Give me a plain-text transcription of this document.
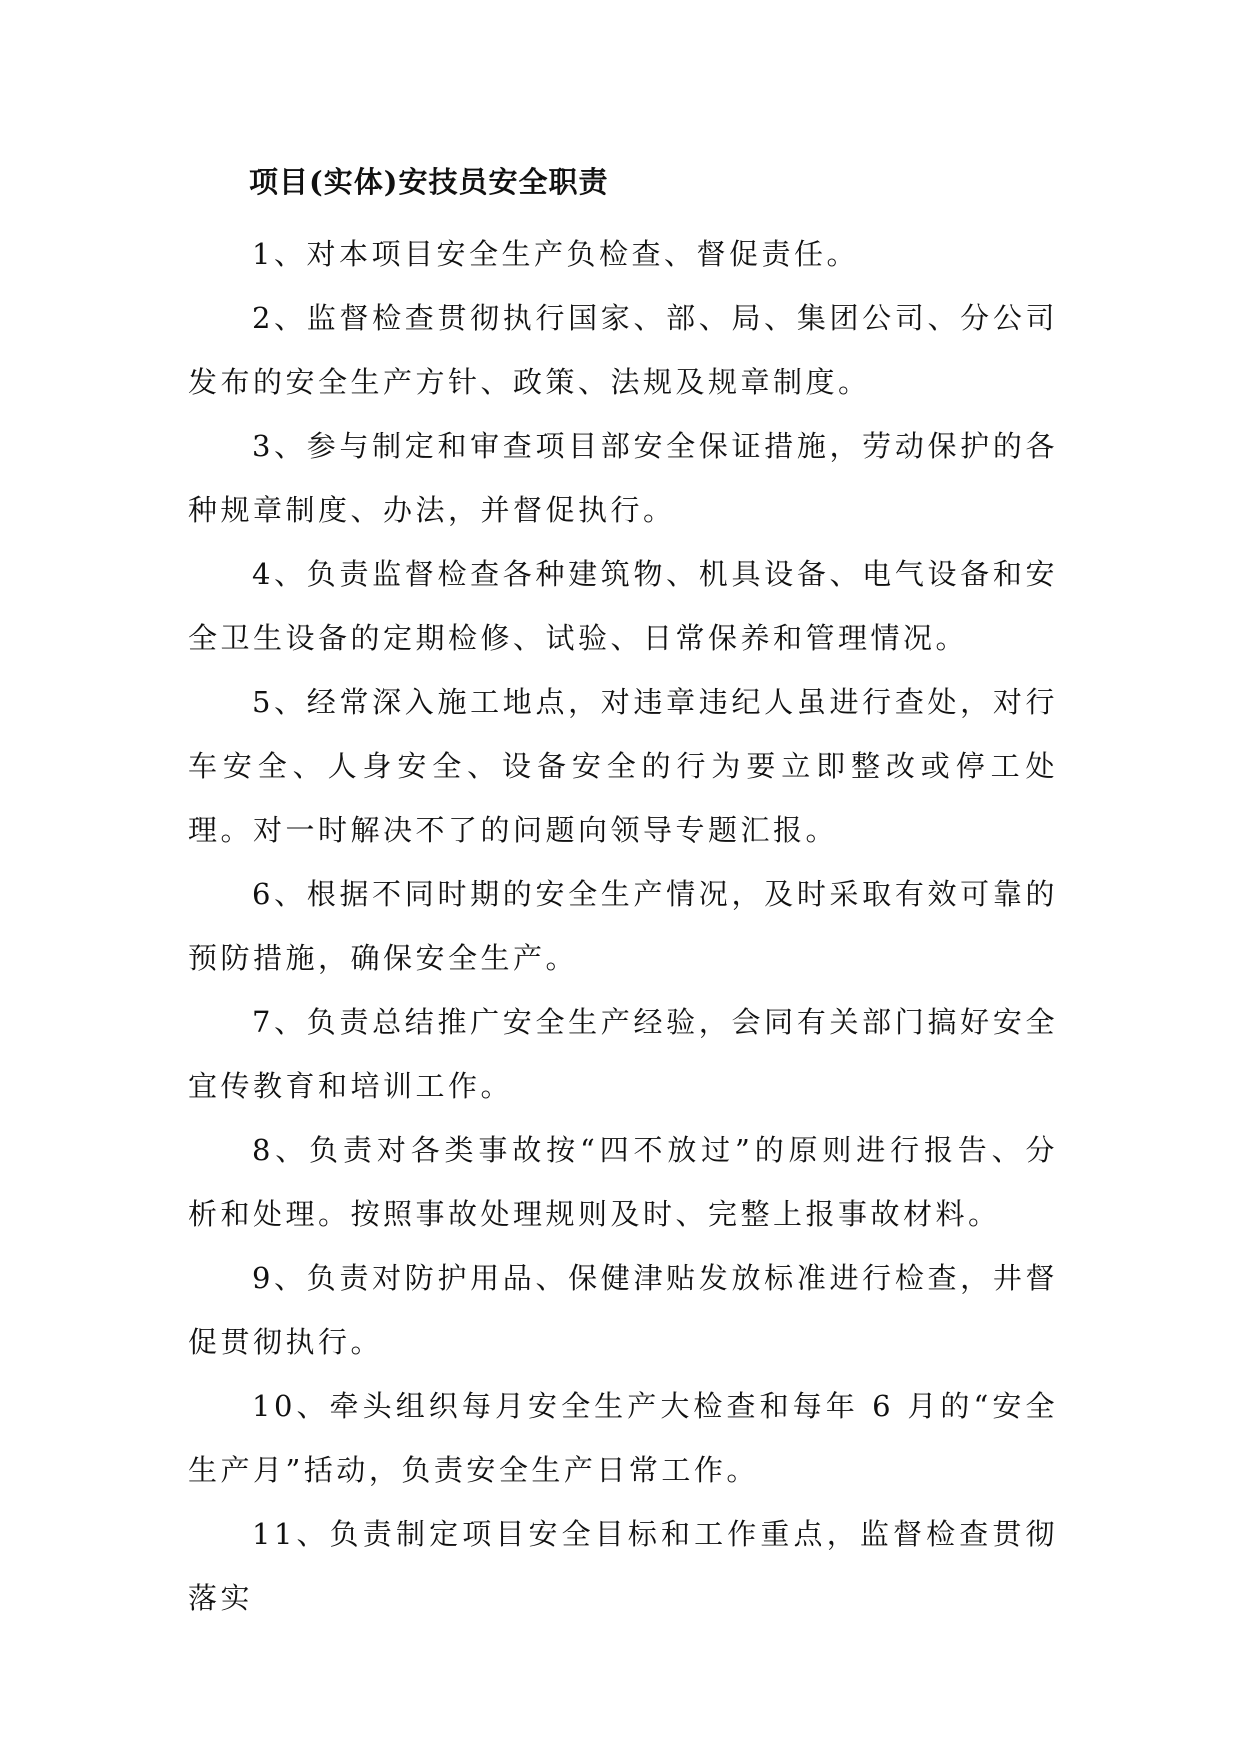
项目(实体)安技员安全职责

1、对本项目安全生产负检查、督促责任。

2、监督检查贯彻执行国家、部、局、集团公司、分公司发布的安全生产方针、政策、法规及规章制度。

3、参与制定和审查项目部安全保证措施，劳动保护的各种规章制度、办法，并督促执行。

4、负责监督检查各种建筑物、机具设备、电气设备和安全卫生设备的定期检修、试验、日常保养和管理情况。

5、经常深入施工地点，对违章违纪人虽进行查处，对行车安全、人身安全、设备安全的行为要立即整改或停工处理。对一时解决不了的问题向领导专题汇报。

6、根据不同时期的安全生产情况，及时采取有效可靠的预防措施，确保安全生产。

7、负责总结推广安全生产经验，会同有关部门搞好安全宜传教育和培训工作。

8、负责对各类事故按“四不放过”的原则进行报告、分析和处理。按照事故处理规则及时、完整上报事故材料。

9、负责对防护用品、保健津贴发放标准进行检查，井督促贯彻执行。

10、牵头组织每月安全生产大检查和每年 6 月的“安全生产月”括动，负责安全生产日常工作。

11、负责制定项目安全目标和工作重点，监督检查贯彻落实
